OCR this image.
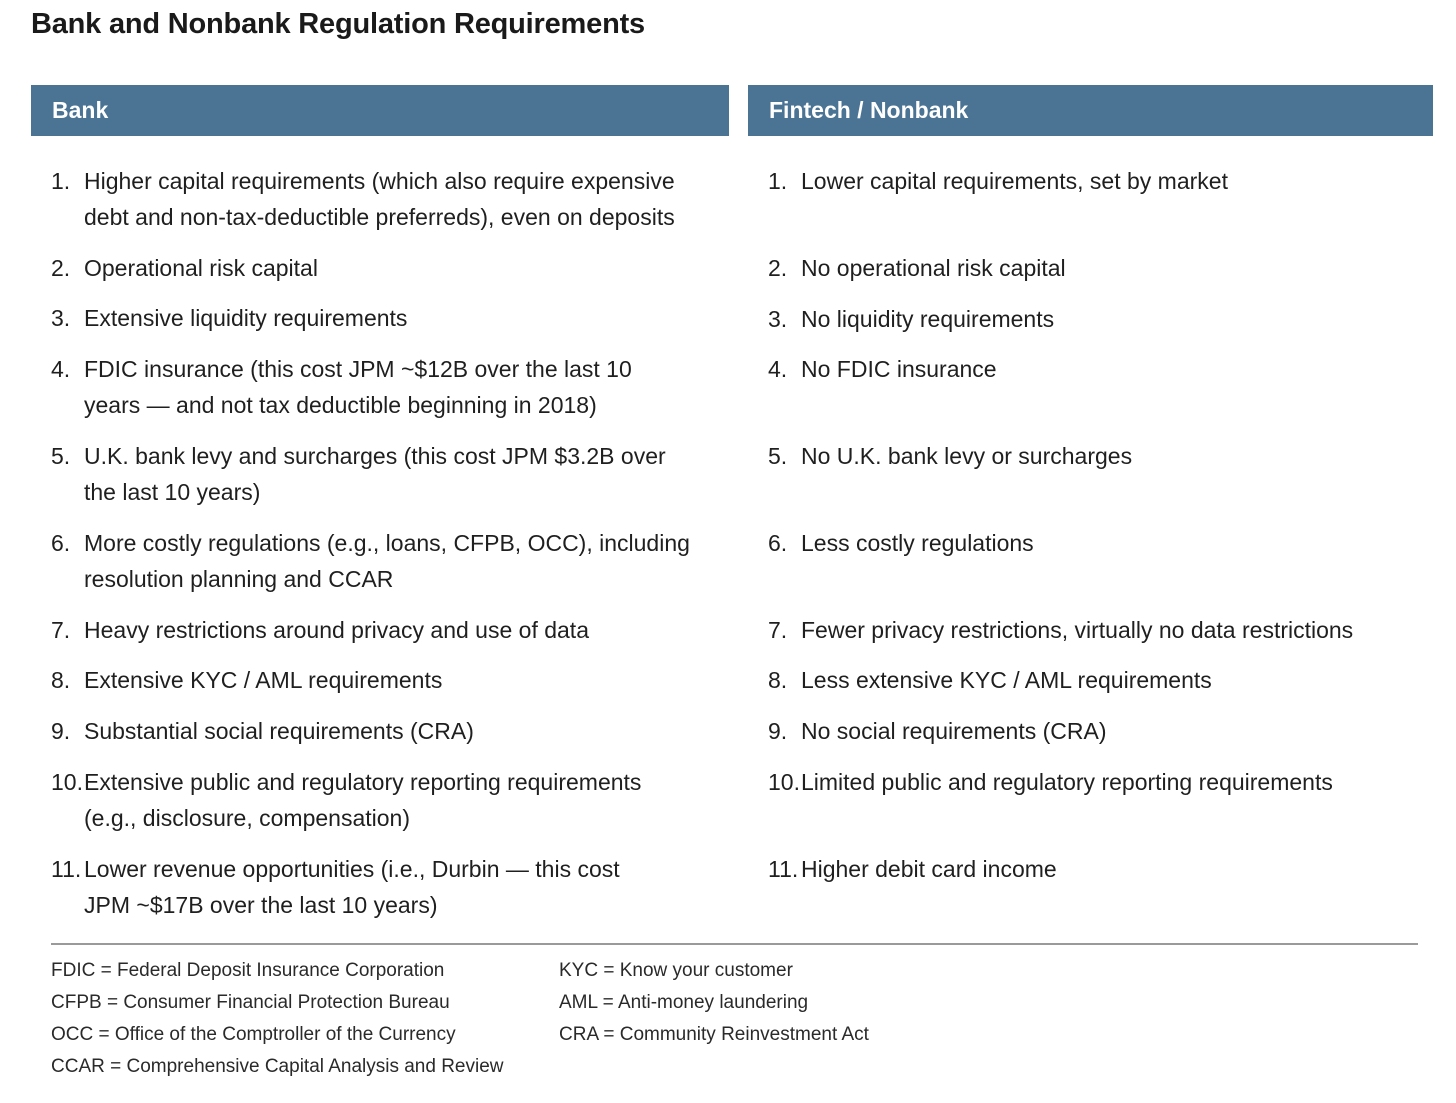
Bank and Nonbank Regulation Requirements
Bank	Fintech / Nonbank
1. Higher capital requirements (which also require expensive
debt and non-tax-deductible preferreds), even on deposits
2. Operational risk capital
3. Extensive liquidity requirements
4. FDIC insurance (this cost JPM ~$12B over the last 10
years — and not tax deductible beginning in 2018)
5. U.K. bank levy and surcharges (this cost JPM $3.2B over
the last 10 years)
6. More costly regulations (e.g., loans, CFPB, OCC), including
resolution planning and CCAR
7. Heavy restrictions around privacy and use of data
8. Extensive KYC / AML requirements
9. Substantial social requirements (CRA)
10. Extensive public and regulatory reporting requirements
(e.g., disclosure, compensation)
11. Lower revenue opportunities (i.e., Durbin — this cost
JPM ~$17B over the last 10 years)
1. Lower capital requirements, set by market
2. No operational risk capital
3. No liquidity requirements
4. No FDIC insurance
5. No U.K. bank levy or surcharges
6. Less costly regulations
7. Fewer privacy restrictions, virtually no data restrictions
8. Less extensive KYC / AML requirements
9. No social requirements (CRA)
10. Limited public and regulatory reporting requirements
11. Higher debit card income
FDIC = Federal Deposit Insurance Corporation
CFPB = Consumer Financial Protection Bureau
OCC = Office of the Comptroller of the Currency
CCAR = Comprehensive Capital Analysis and Review
KYC = Know your customer
AML = Anti-money laundering
CRA = Community Reinvestment Act
